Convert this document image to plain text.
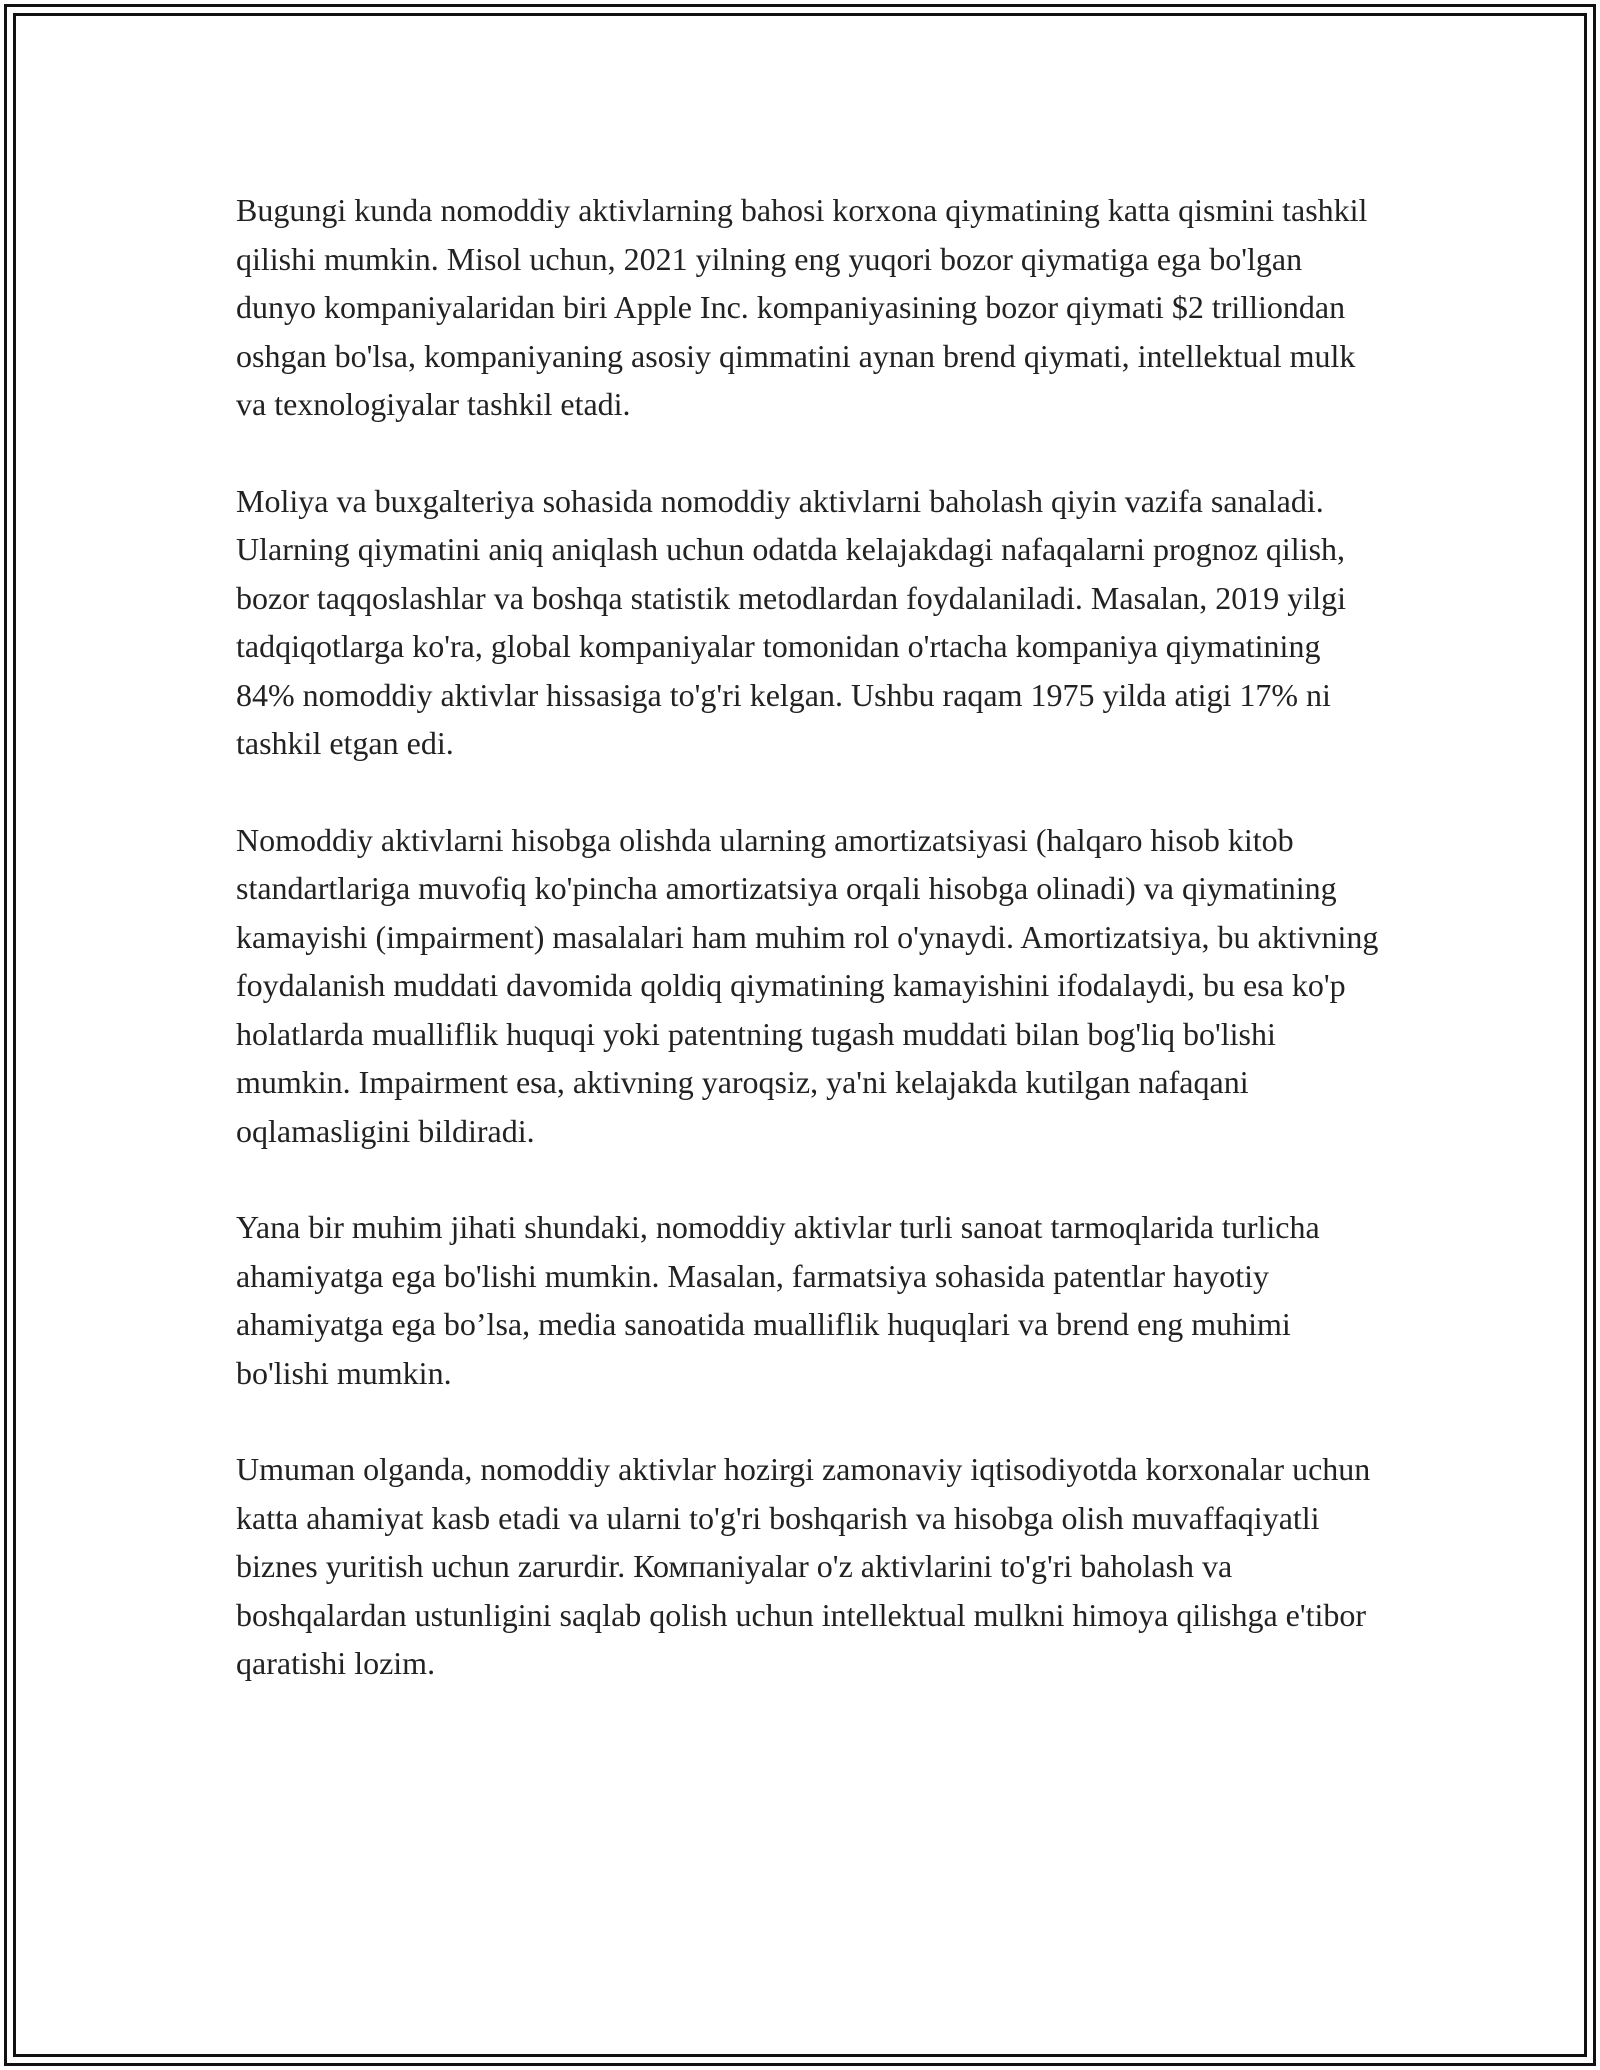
Bugungi kunda nomoddiy aktivlarning bahosi korxona qiymatining katta qismini tashkil qilishi mumkin. Misol uchun, 2021 yilning eng yuqori bozor qiymatiga ega bo'lgan dunyo kompaniyalaridan biri Apple Inc. kompaniyasining bozor qiymati $2 trilliondan oshgan bo'lsa, kompaniyaning asosiy qimmatini aynan brend qiymati, intellektual mulk va texnologiyalar tashkil etadi.

Moliya va buxgalteriya sohasida nomoddiy aktivlarni baholash qiyin vazifa sanaladi. Ularning qiymatini aniq aniqlash uchun odatda kelajakdagi nafaqalarni prognoz qilish, bozor taqqoslashlar va boshqa statistik metodlardan foydalaniladi. Masalan, 2019 yilgi tadqiqotlarga ko'ra, global kompaniyalar tomonidan o'rtacha kompaniya qiymatining 84% nomoddiy aktivlar hissasiga to'g'ri kelgan. Ushbu raqam 1975 yilda atigi 17% ni tashkil etgan edi.

Nomoddiy aktivlarni hisobga olishda ularning amortizatsiyasi (halqaro hisob kitob standartlariga muvofiq ko'pincha amortizatsiya orqali hisobga olinadi) va qiymatining kamayishi (impairment) masalalari ham muhim rol o'ynaydi. Amortizatsiya, bu aktivning foydalanish muddati davomida qoldiq qiymatining kamayishini ifodalaydi, bu esa ko'p holatlarda mualliflik huquqi yoki patentning tugash muddati bilan bog'liq bo'lishi mumkin. Impairment esa, aktivning yaroqsiz, ya'ni kelajakda kutilgan nafaqani oqlamasligini bildiradi.

Yana bir muhim jihati shundaki, nomoddiy aktivlar turli sanoat tarmoqlarida turlicha ahamiyatga ega bo'lishi mumkin. Masalan, farmatsiya sohasida patentlar hayotiy ahamiyatga ega bo’lsa, media sanoatida mualliflik huquqlari va brend eng muhimi bo'lishi mumkin.

Umuman olganda, nomoddiy aktivlar hozirgi zamonaviy iqtisodiyotda korxonalar uchun katta ahamiyat kasb etadi va ularni to'g'ri boshqarish va hisobga olish muvaffaqiyatli biznes yuritish uchun zarurdir. Компaniyalar o'z aktivlarini to'g'ri baholash va boshqalardan ustunligini saqlab qolish uchun intellektual mulkni himoya qilishga e'tibor qaratishi lozim.
